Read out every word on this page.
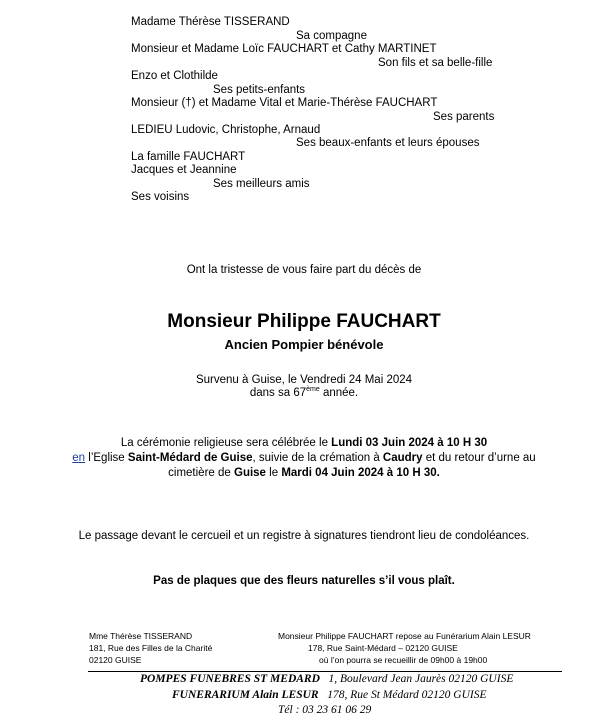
Madame Thérèse TISSERAND
Sa compagne
Monsieur et Madame Loïc FAUCHART et Cathy MARTINET
Son fils et sa belle-fille
Enzo et Clothilde
Ses petits-enfants
Monsieur (†) et Madame Vital et Marie-Thérèse FAUCHART
Ses parents
LEDIEU Ludovic, Christophe, Arnaud
Ses beaux-enfants et leurs épouses
La famille FAUCHART
Jacques et Jeannine
Ses meilleurs amis
Ses voisins
Ont la tristesse de vous faire part du décès de
Monsieur Philippe FAUCHART
Ancien Pompier bénévole
Survenu à Guise, le Vendredi 24 Mai 2024
dans sa 67ème année.
La cérémonie religieuse sera célébrée le Lundi 03 Juin 2024 à 10 H 30
en l’Eglise Saint-Médard de Guise, suivie de la crémation à Caudry et du retour d’urne au
cimetière de Guise le Mardi 04 Juin 2024 à 10 H 30.
Le passage devant le cercueil et un registre à signatures tiendront lieu de condoléances.
Pas de plaques que des fleurs naturelles s’il vous plaît.
Mme Thérèse TISSERAND
181, Rue des Filles de la Charité
02120 GUISE
Monsieur Philippe FAUCHART repose au Funérarium Alain LESUR
178, Rue Saint-Médard – 02120 GUISE
où l’on pourra se recueillir de 09h00 à 19h00
POMPES FUNEBRES ST MEDARD 1, Boulevard Jean Jaurès 02120 GUISE
FUNERARIUM Alain LESUR 178, Rue St Médard 02120 GUISE
Tél : 03 23 61 06 29
